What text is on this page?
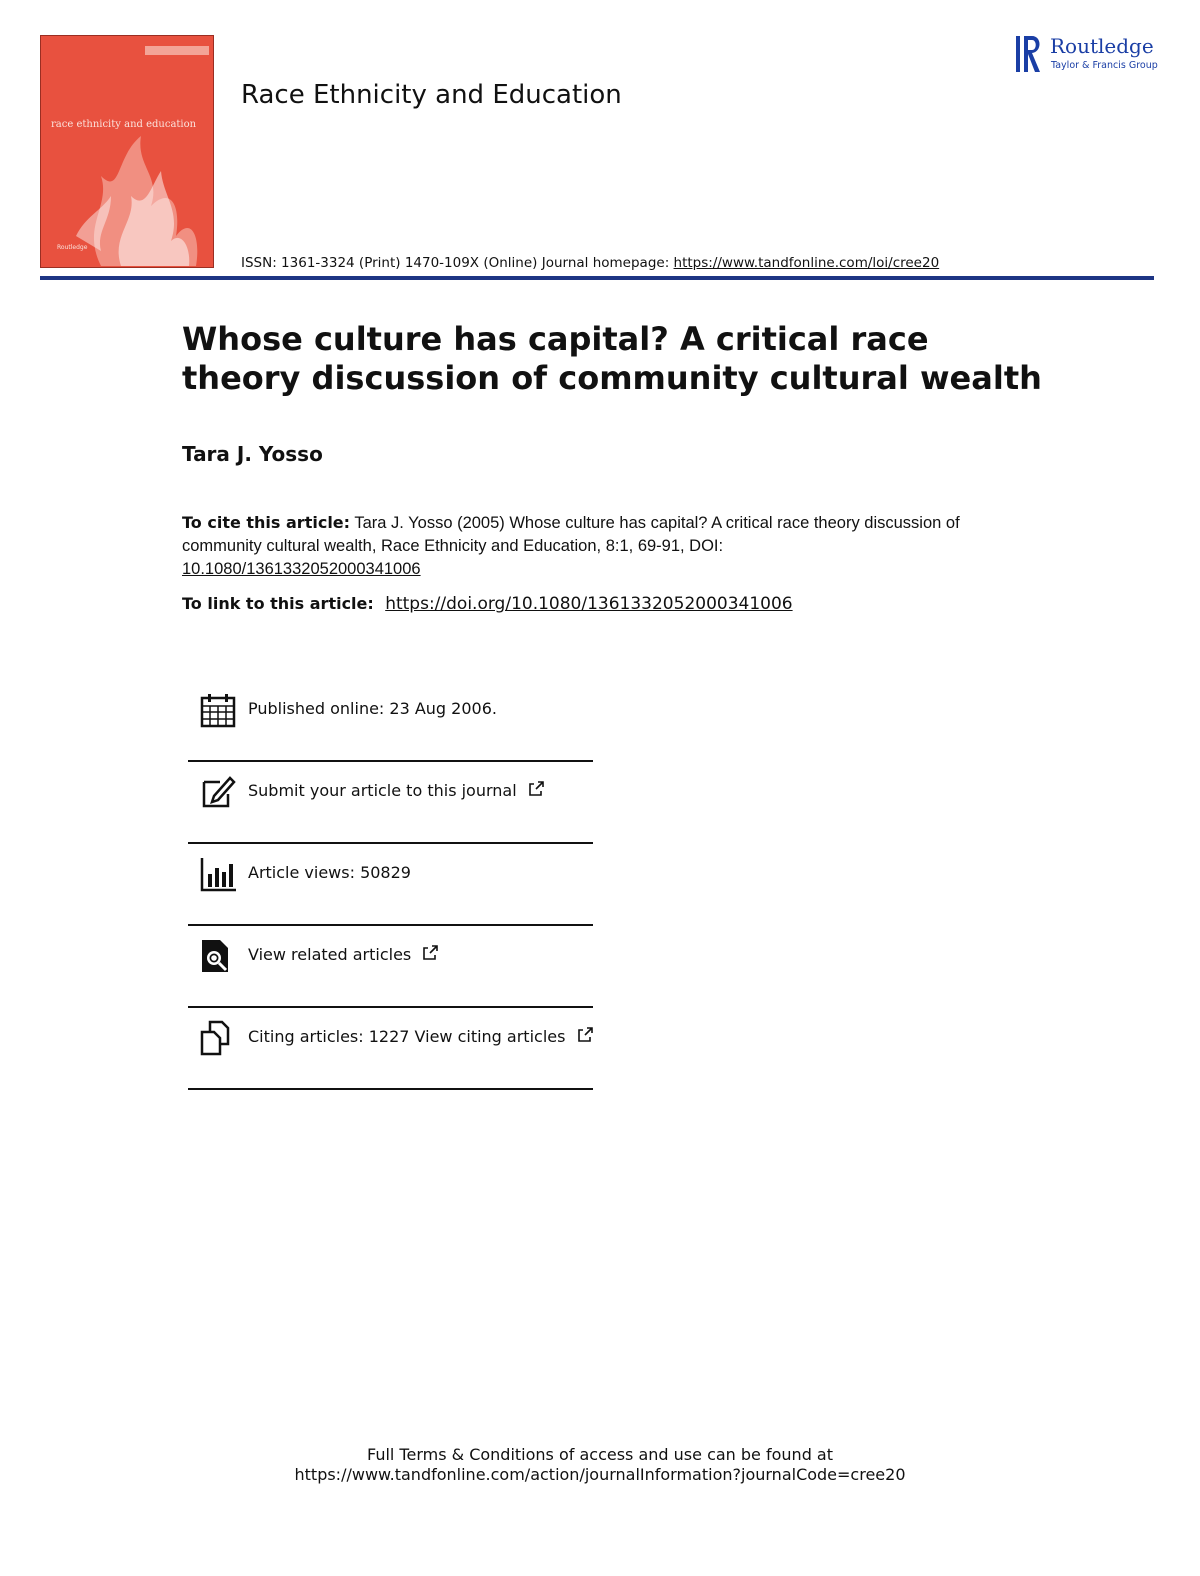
race ethnicity and education
Routledge
Race Ethnicity and Education
Routledge
Taylor & Francis Group
ISSN: 1361-3324 (Print) 1470-109X (Online) Journal homepage: https://www.tandfonline.com/loi/cree20
Whose culture has capital? A critical race theory discussion of community cultural wealth
Tara J. Yosso
To cite this article: Tara J. Yosso (2005) Whose culture has capital? A critical race theory discussion of community cultural wealth, Race Ethnicity and Education, 8:1, 69-91, DOI:
10.1080/1361332052000341006
To link to this article: https://doi.org/10.1080/1361332052000341006
Published online: 23 Aug 2006.
Submit your article to this journal
Article views: 50829
View related articles
Citing articles: 1227 View citing articles
Full Terms & Conditions of access and use can be found at
https://www.tandfonline.com/action/journalInformation?journalCode=cree20
